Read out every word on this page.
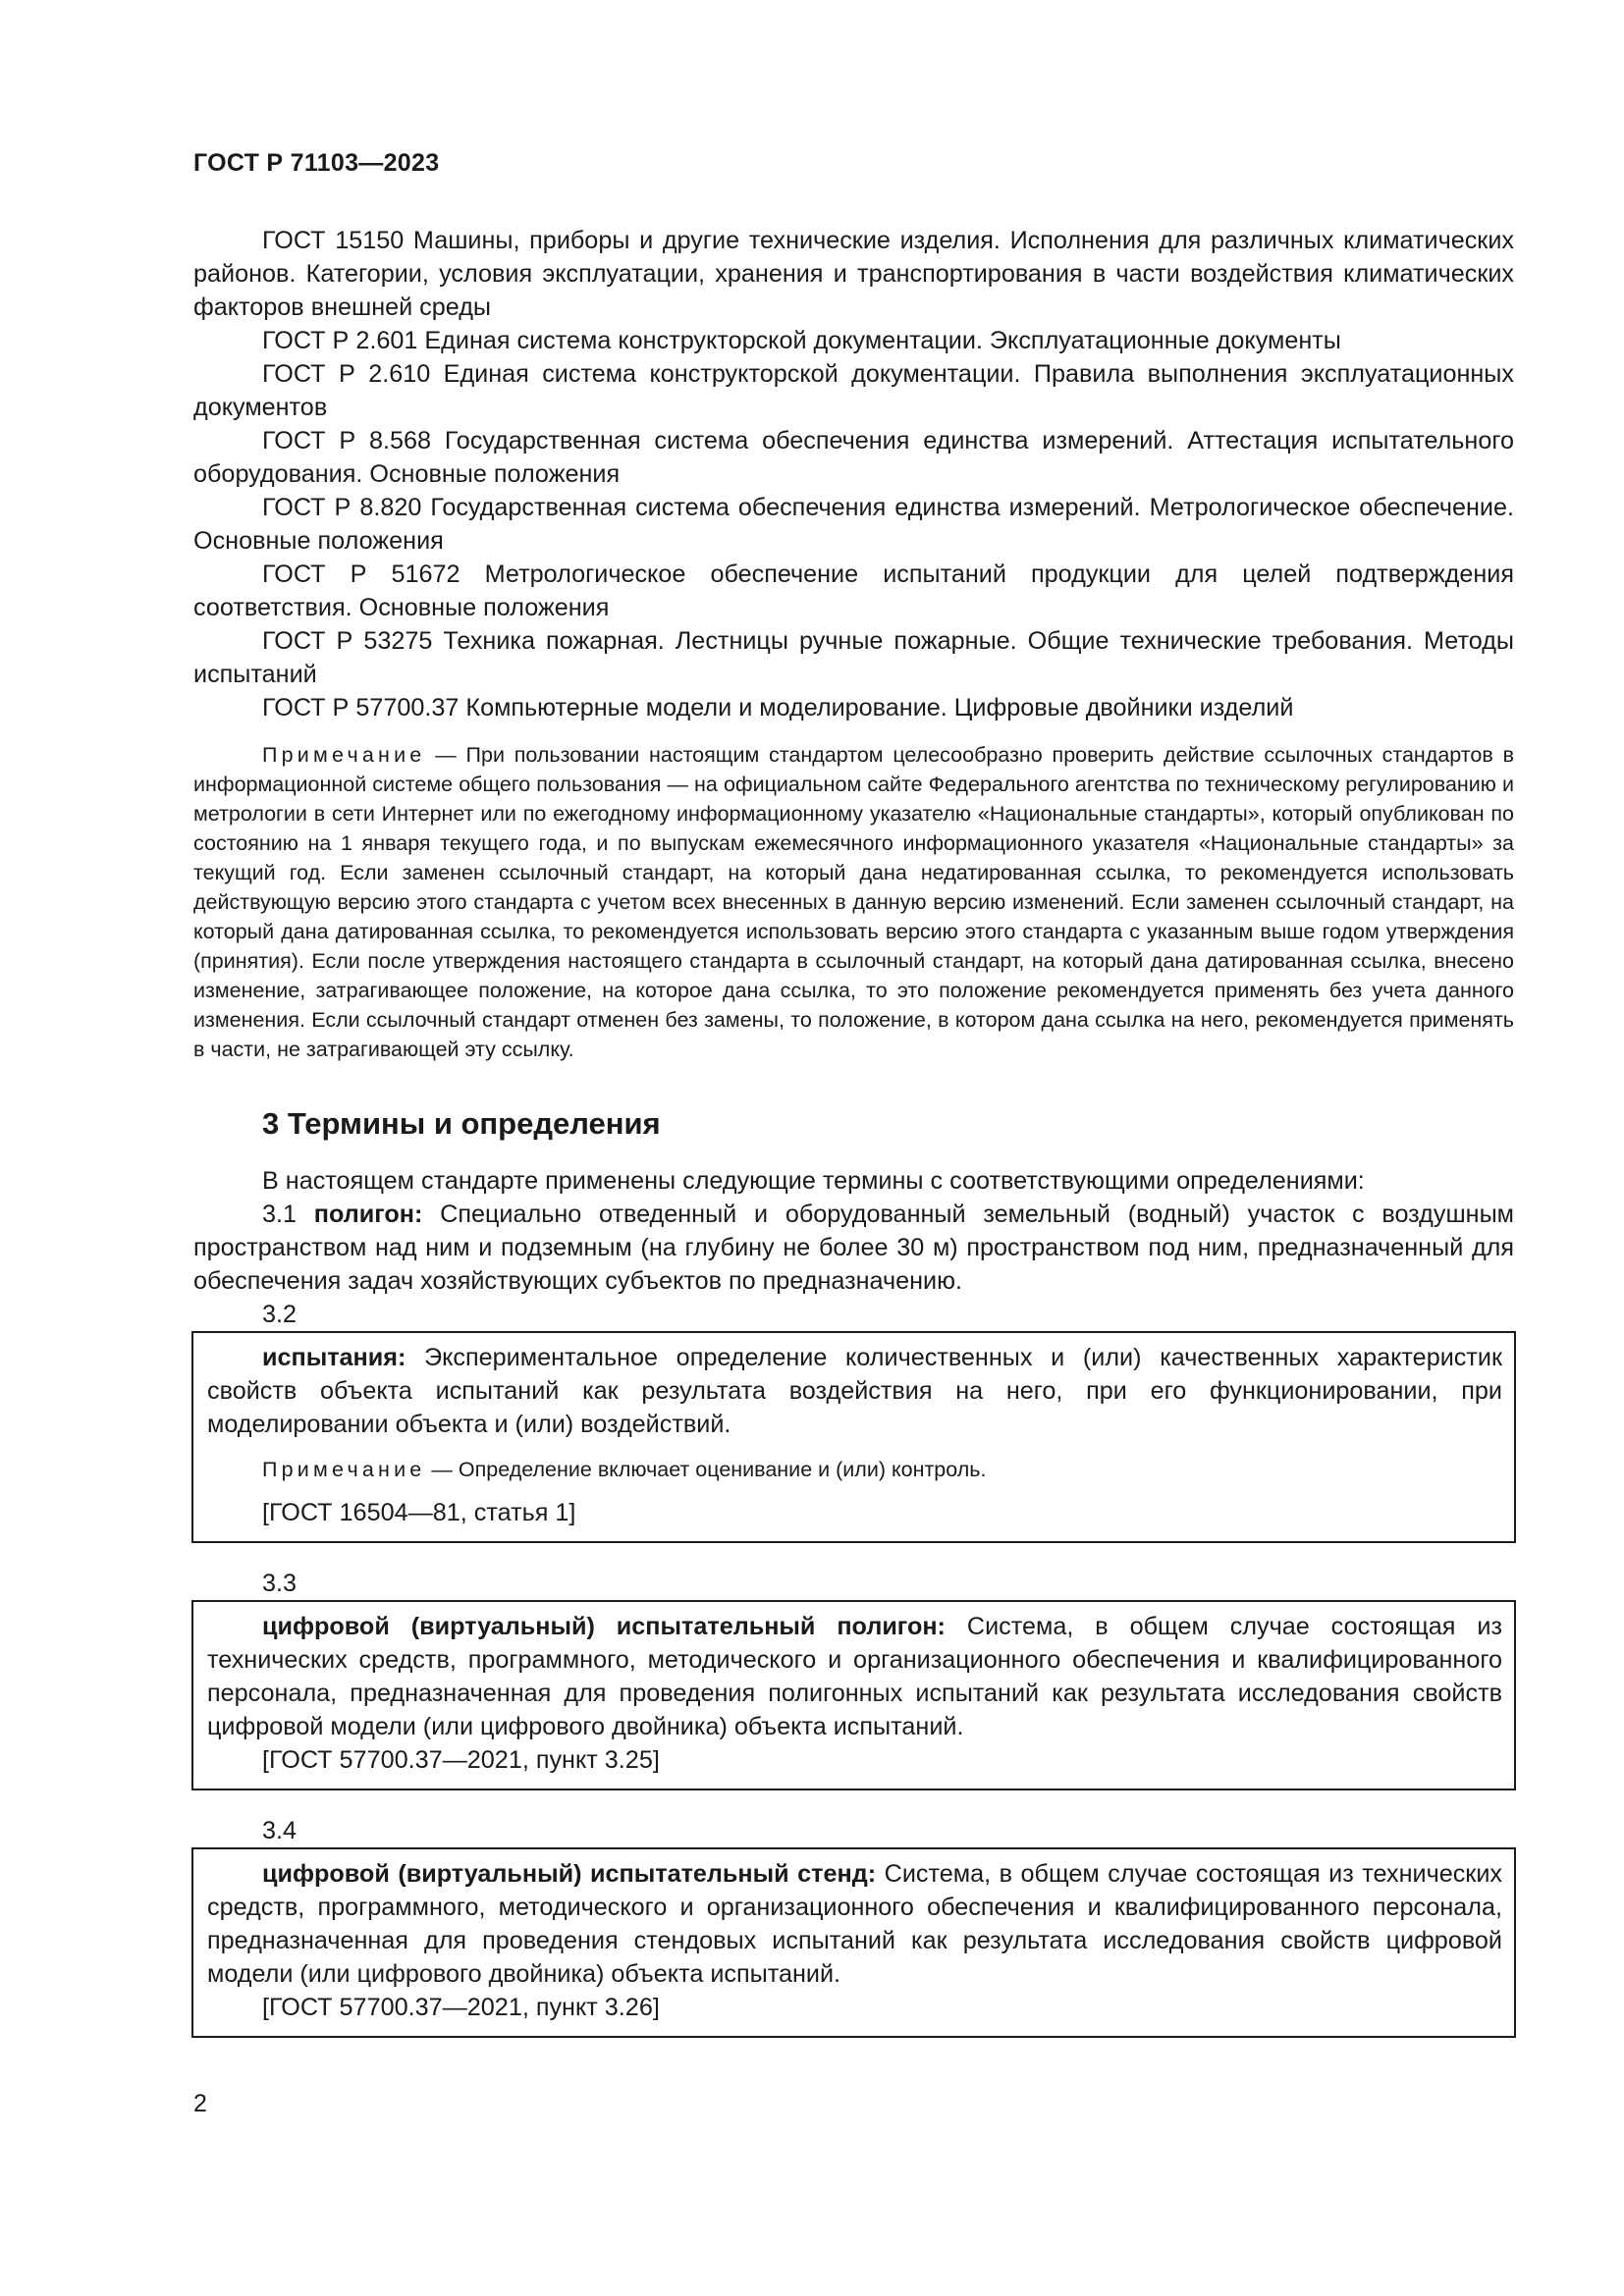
ГОСТ Р 71103—2023

ГОСТ 15150 Машины, приборы и другие технические изделия. Исполнения для различных климатических районов. Категории, условия эксплуатации, хранения и транспортирования в части воздействия климатических факторов внешней среды

ГОСТ Р 2.601 Единая система конструкторской документации. Эксплуатационные документы

ГОСТ Р 2.610 Единая система конструкторской документации. Правила выполнения эксплуатационных документов

ГОСТ Р 8.568 Государственная система обеспечения единства измерений. Аттестация испытательного оборудования. Основные положения

ГОСТ Р 8.820 Государственная система обеспечения единства измерений. Метрологическое обеспечение. Основные положения

ГОСТ Р 51672 Метрологическое обеспечение испытаний продукции для целей подтверждения соответствия. Основные положения

ГОСТ Р 53275 Техника пожарная. Лестницы ручные пожарные. Общие технические требования. Методы испытаний

ГОСТ Р 57700.37 Компьютерные модели и моделирование. Цифровые двойники изделий

Примечание — При пользовании настоящим стандартом целесообразно проверить действие ссылочных стандартов в информационной системе общего пользования — на официальном сайте Федерального агентства по техническому регулированию и метрологии в сети Интернет или по ежегодному информационному указателю «Национальные стандарты», который опубликован по состоянию на 1 января текущего года, и по выпускам ежемесячного информационного указателя «Национальные стандарты» за текущий год. Если заменен ссылочный стандарт, на который дана недатированная ссылка, то рекомендуется использовать действующую версию этого стандарта с учетом всех внесенных в данную версию изменений. Если заменен ссылочный стандарт, на который дана датированная ссылка, то рекомендуется использовать версию этого стандарта с указанным выше годом утверждения (принятия). Если после утверждения настоящего стандарта в ссылочный стандарт, на который дана датированная ссылка, внесено изменение, затрагивающее положение, на которое дана ссылка, то это положение рекомендуется применять без учета данного изменения. Если ссылочный стандарт отменен без замены, то положение, в котором дана ссылка на него, рекомендуется применять в части, не затрагивающей эту ссылку.

3 Термины и определения

В настоящем стандарте применены следующие термины с соответствующими определениями:

3.1 полигон: Специально отведенный и оборудованный земельный (водный) участок с воздушным пространством над ним и подземным (на глубину не более 30 м) пространством под ним, предназначенный для обеспечения задач хозяйствующих субъектов по предназначению.

3.2

испытания: Экспериментальное определение количественных и (или) качественных характеристик свойств объекта испытаний как результата воздействия на него, при его функционировании, при моделировании объекта и (или) воздействий.

Примечание — Определение включает оценивание и (или) контроль.

[ГОСТ 16504—81, статья 1]

3.3

цифровой (виртуальный) испытательный полигон: Система, в общем случае состоящая из технических средств, программного, методического и организационного обеспечения и квалифицированного персонала, предназначенная для проведения полигонных испытаний как результата исследования свойств цифровой модели (или цифрового двойника) объекта испытаний.

[ГОСТ 57700.37—2021, пункт 3.25]

3.4

цифровой (виртуальный) испытательный стенд: Система, в общем случае состоящая из технических средств, программного, методического и организационного обеспечения и квалифицированного персонала, предназначенная для проведения стендовых испытаний как результата исследования свойств цифровой модели (или цифрового двойника) объекта испытаний.

[ГОСТ 57700.37—2021, пункт 3.26]

2
